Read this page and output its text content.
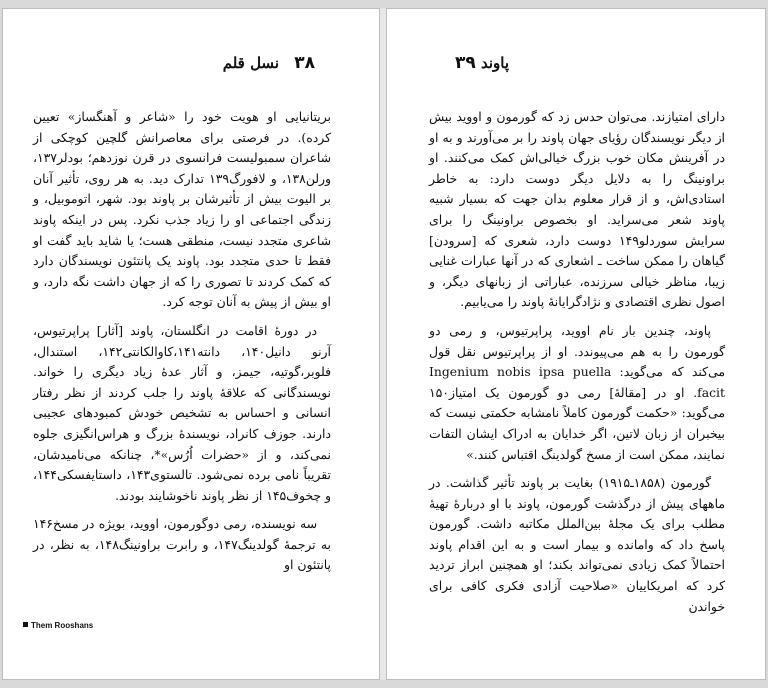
۳۸ نسل قلم

بریتانیایی او هویت خود را «شاعر و آهنگساز» تعیین کرده). در فرصتی برای معاصرانش گلچین کوچکی از شاعران سمبولیست فرانسوی در قرن نوزدهم؛ بودلر۱۳۷، ورلن۱۳۸، و لافورگ۱۳۹ تدارک دید. به هر روی، تأثیر آنان بر الیوت بیش از تأثیرشان بر پاوند بود. شهر، اتوموبیل، و زندگی اجتماعی او را زیاد جذب نکرد. پس در اینکه پاوند شاعری متجدد نیست، منطقی هست؛ یا شاید باید گفت او فقط تا حدی متجدد بود. پاوند یک پانتئون نویسندگان دارد که کمک کردند تا تصوری را که از جهان داشت نگه دارد، و او بیش از پیش به آنان توجه کرد.

در دورهٔ اقامت در انگلستان، پاوند [آثار] پراپرتیوس، آرنو دانیل۱۴۰، دانته۱۴۱،کاوالکانتی۱۴۲، استندال، فلوبر،گوتیه، جیمز، و آثار عدهٔ زیاد دیگری را خواند. نویسندگانی که علاقهٔ پاوند را جلب کردند از نظر رفتار انسانی و احساس به تشخیص خودش کمبودهای عجیبی دارند. جوزف کانراد، نویسندهٔ بزرگ و هراس‌انگیزی جلوه نمی‌کند، و از «حضرات اُرُس»*، چنانکه می‌نامیدشان، تقریباً نامی برده نمی‌شود. تالستوی۱۴۳، داستایفسکی۱۴۴، و چخوف۱۴۵ از نظر پاوند ناخوشایند بودند.

سه نویسنده، رمی دوگورمون، اووید، بویژه در مسخ۱۴۶ به ترجمهٔ گولدینگ۱۴۷، و رابرت براونینگ۱۴۸، به نظر، در پانتئون او

Them Rooshans
پاوند ۳۹

دارای امتیازند. می‌توان حدس زد که گورمون و اووید بیش از دیگر نویسندگان رؤیای جهان پاوند را بر می‌آورند و به او در آفرینش مکان خوب بزرگ خیالی‌اش کمک می‌کنند. او براونینگ را به دلایل دیگر دوست دارد: به خاطر استادی‌اش، و از قرار معلوم بدان جهت که بسیار شبیه پاوند شعر می‌سراید. او بخصوص براونینگ را برای سرایش سوردلو۱۴۹ دوست دارد، شعری که [سرودن] گیاهان را ممکن ساخت ـ اشعاری که در آنها عبارات غنایی زیبا، مناظر خیالی سرزنده، عباراتی از زبانهای دیگر، و اصول نظری اقتصادی و نژادگرایانهٔ پاوند را می‌یابیم.

پاوند، چندین بار نام اووید، پراپرتیوس، و رمی دو گورمون را به هم می‌پیوندد. او از پراپرتیوس نقل قول می‌کند که می‌گوید: Ingenium nobis ipsa puella facit. او در [مقالهٔ] رمی دو گورمون یک امتیاز۱۵۰ می‌گوید: «حکمت گورمون کاملاً نامشابه حکمتی نیست که بیخبران از زبان لاتین، اگر خدایان به ادراک ایشان التفات نمایند، ممکن است از مسخ گولدینگ اقتباس کنند.»

گورمون (۱۸۵۸ـ۱۹۱۵) بغایت بر پاوند تأثیر گذاشت. در ماههای پیش از درگذشت گورمون، پاوند با او دربارهٔ تهیهٔ مطلب برای یک مجلهٔ بین‌الملل مکاتبه داشت. گورمون پاسخ داد که وامانده و بیمار است و به این اقدام پاوند احتمالاً کمک زیادی نمی‌تواند بکند؛ او همچنین ابراز تردید کرد که امریکاییان «صلاحیت آزادی فکری کافی برای خواندن
